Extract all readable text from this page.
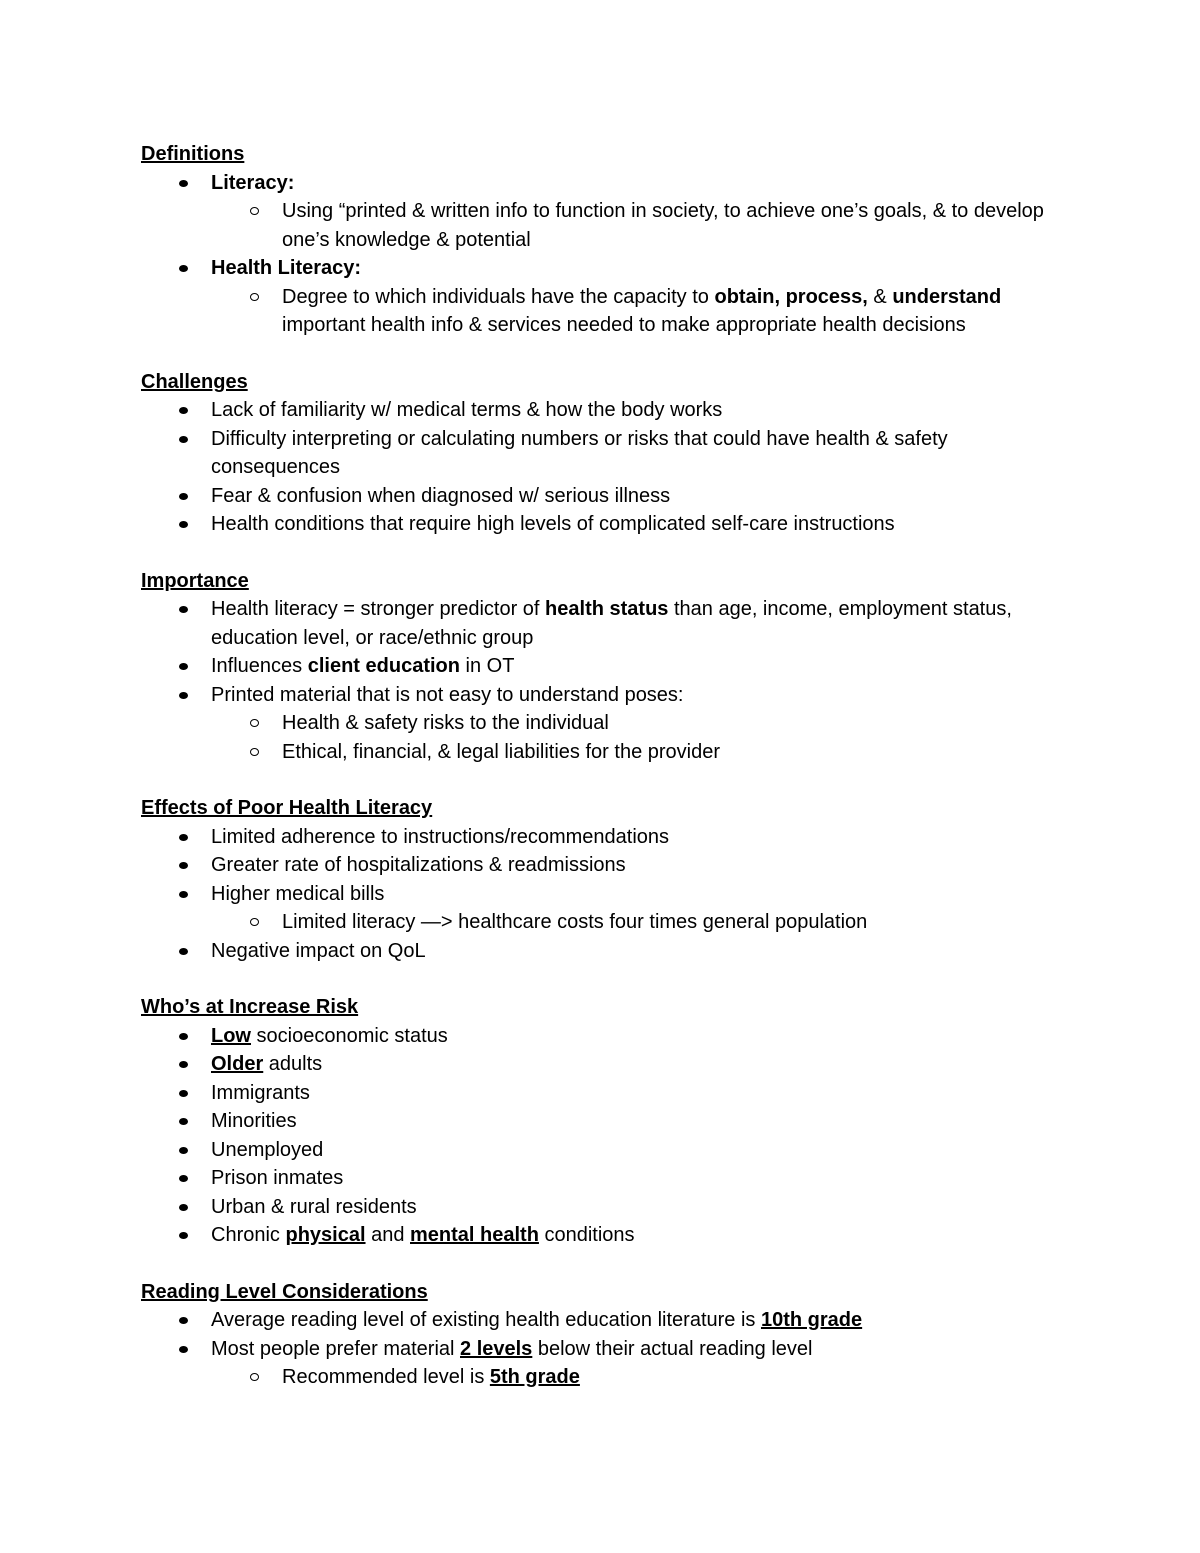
Definitions
Literacy:
Using “printed & written info to function in society, to achieve one’s goals, & to develop one’s knowledge & potential
Health Literacy:
Degree to which individuals have the capacity to obtain, process, & understand important health info & services needed to make appropriate health decisions
Challenges
Lack of familiarity w/ medical terms & how the body works
Difficulty interpreting or calculating numbers or risks that could have health & safety consequences
Fear & confusion when diagnosed w/ serious illness
Health conditions that require high levels of complicated self-care instructions
Importance
Health literacy = stronger predictor of health status than age, income, employment status, education level, or race/ethnic group
Influences client education in OT
Printed material that is not easy to understand poses:
Health & safety risks to the individual
Ethical, financial, & legal liabilities for the provider
Effects of Poor Health Literacy
Limited adherence to instructions/recommendations
Greater rate of hospitalizations & readmissions
Higher medical bills
Limited literacy —> healthcare costs four times general population
Negative impact on QoL
Who’s at Increase Risk
Low socioeconomic status
Older adults
Immigrants
Minorities
Unemployed
Prison inmates
Urban & rural residents
Chronic physical and mental health conditions
Reading Level Considerations
Average reading level of existing health education literature is 10th grade
Most people prefer material 2 levels below their actual reading level
Recommended level is 5th grade
